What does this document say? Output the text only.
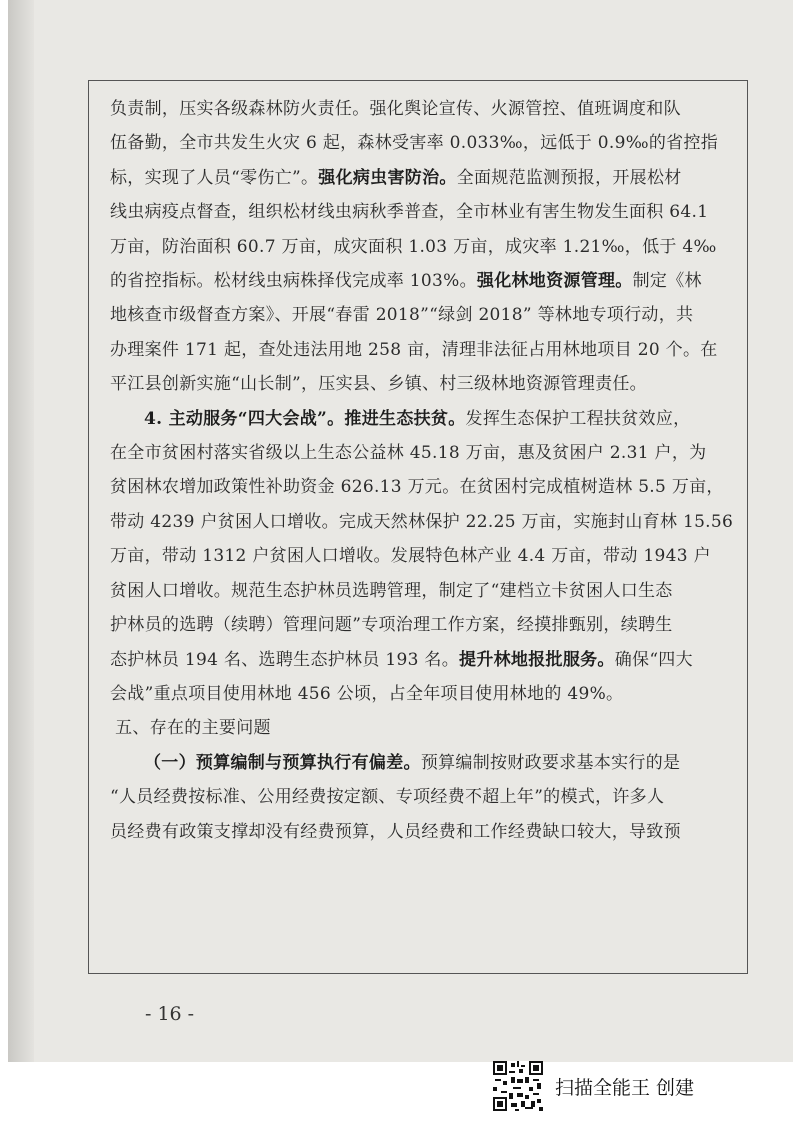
负责制，压实各级森林防火责任。强化舆论宣传、火源管控、值班调度和队
伍备勤，全市共发生火灾 6 起，森林受害率 0.033‰，远低于 0.9‰的省控指
标，实现了人员“零伤亡”。强化病虫害防治。全面规范监测预报，开展松材
线虫病疫点督查，组织松材线虫病秋季普查，全市林业有害生物发生面积 64.1
万亩，防治面积 60.7 万亩，成灾面积 1.03 万亩，成灾率 1.21‰，低于 4‰
的省控指标。松材线虫病株择伐完成率 103%。强化林地资源管理。制定《林
地核查市级督查方案》、开展“春雷 2018”“绿剑 2018” 等林地专项行动，共
办理案件 171 起，查处违法用地 258 亩，清理非法征占用林地项目 20 个。在
平江县创新实施“山长制”，压实县、乡镇、村三级林地资源管理责任。
4. 主动服务“四大会战”。推进生态扶贫。发挥生态保护工程扶贫效应，
在全市贫困村落实省级以上生态公益林 45.18 万亩，惠及贫困户 2.31 户，为
贫困林农增加政策性补助资金 626.13 万元。在贫困村完成植树造林 5.5 万亩，
带动 4239 户贫困人口增收。完成天然林保护 22.25 万亩，实施封山育林 15.56
万亩，带动 1312 户贫困人口增收。发展特色林产业 4.4 万亩，带动 1943 户
贫困人口增收。规范生态护林员选聘管理，制定了“建档立卡贫困人口生态
护林员的选聘（续聘）管理问题”专项治理工作方案，经摸排甄别，续聘生
态护林员 194 名、选聘生态护林员 193 名。提升林地报批服务。确保“四大
会战”重点项目使用林地 456 公顷，占全年项目使用林地的 49%。
五、存在的主要问题
（一）预算编制与预算执行有偏差。预算编制按财政要求基本实行的是
“人员经费按标准、公用经费按定额、专项经费不超上年”的模式，许多人
员经费有政策支撑却没有经费预算，人员经费和工作经费缺口较大，导致预
- 16 -
扫描全能王 创建
